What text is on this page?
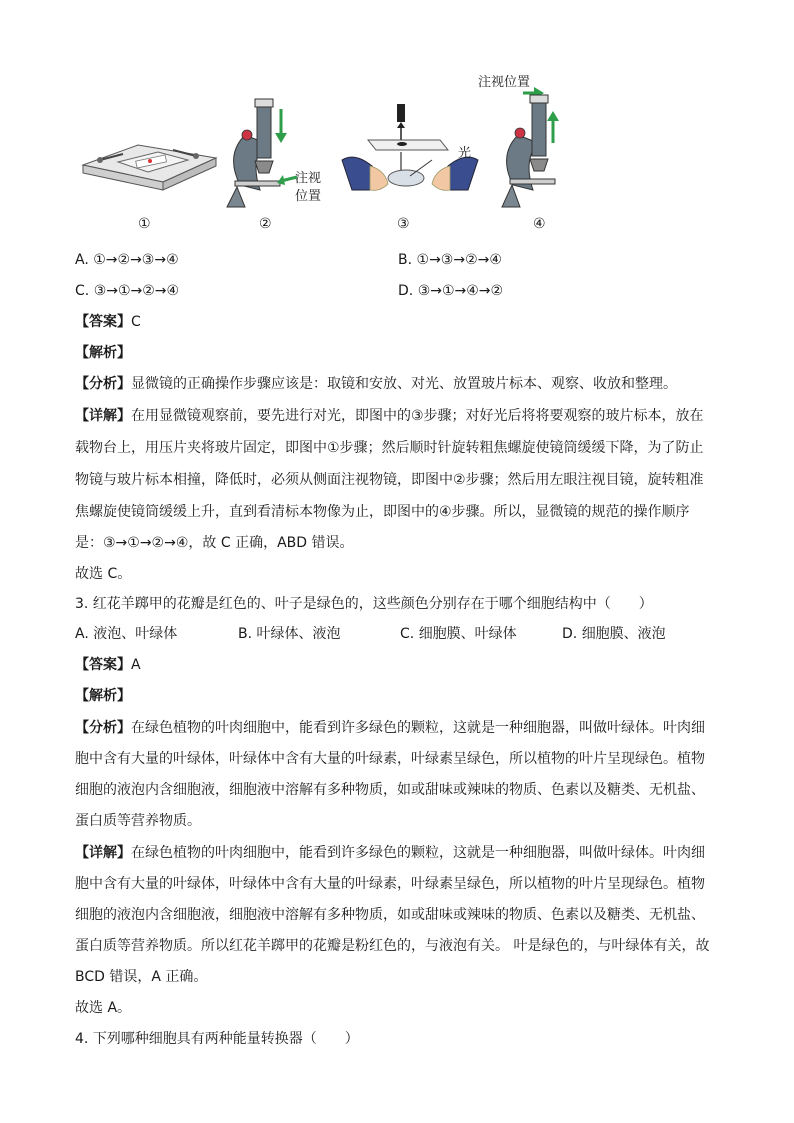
注视
位置
光
注视位置
①	②	③	④
A. ①→②→③→④	B. ①→③→②→④
C. ③→①→②→④	D. ③→①→④→②
【答案】C
【解析】
【分析】显微镜的正确操作步骤应该是：取镜和安放、对光、放置玻片标本、观察、收放和整理。
【详解】在用显微镜观察前，要先进行对光，即图中的③步骤；对好光后将将要观察的玻片标本，放在
载物台上，用压片夹将玻片固定，即图中①步骤；然后顺时针旋转粗焦螺旋使镜筒缓缓下降，为了防止
物镜与玻片标本相撞，降低时，必须从侧面注视物镜，即图中②步骤；然后用左眼注视目镜，旋转粗准
焦螺旋使镜筒缓缓上升，直到看清标本物像为止，即图中的④步骤。所以，显微镜的规范的操作顺序
是：③→①→②→④，故 C 正确，ABD 错误。
故选 C。
3. 红花羊踯甲的花瓣是红色的、叶子是绿色的，这些颜色分别存在于哪个细胞结构中（　　）
A. 液泡、叶绿体	B. 叶绿体、液泡	C. 细胞膜、叶绿体	D. 细胞膜、液泡
【答案】A
【解析】
【分析】在绿色植物的叶肉细胞中，能看到许多绿色的颗粒，这就是一种细胞器，叫做叶绿体。叶肉细
胞中含有大量的叶绿体，叶绿体中含有大量的叶绿素，叶绿素呈绿色，所以植物的叶片呈现绿色。植物
细胞的液泡内含细胞液，细胞液中溶解有多种物质，如或甜味或辣味的物质、色素以及糖类、无机盐、
蛋白质等营养物质。
【详解】在绿色植物的叶肉细胞中，能看到许多绿色的颗粒，这就是一种细胞器，叫做叶绿体。叶肉细
胞中含有大量的叶绿体，叶绿体中含有大量的叶绿素，叶绿素呈绿色，所以植物的叶片呈现绿色。植物
细胞的液泡内含细胞液，细胞液中溶解有多种物质，如或甜味或辣味的物质、色素以及糖类、无机盐、
蛋白质等营养物质。所以红花羊踯甲的花瓣是粉红色的，与液泡有关。 叶是绿色的，与叶绿体有关，故
BCD 错误，A 正确。
故选 A。
4. 下列哪种细胞具有两种能量转换器（　　）
